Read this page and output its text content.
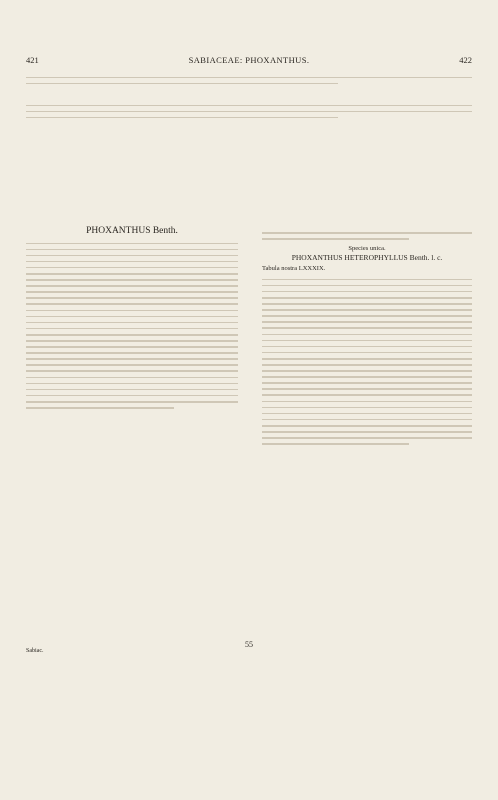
421	SABIACEAE: PHOXANTHUS.	422
PHOXANTHUS Benth.
Species unica.
PHOXANTHUS HETEROPHYLLUS Benth. l. c.
Tabula nostra LXXXIX.
55
Sabiac.
